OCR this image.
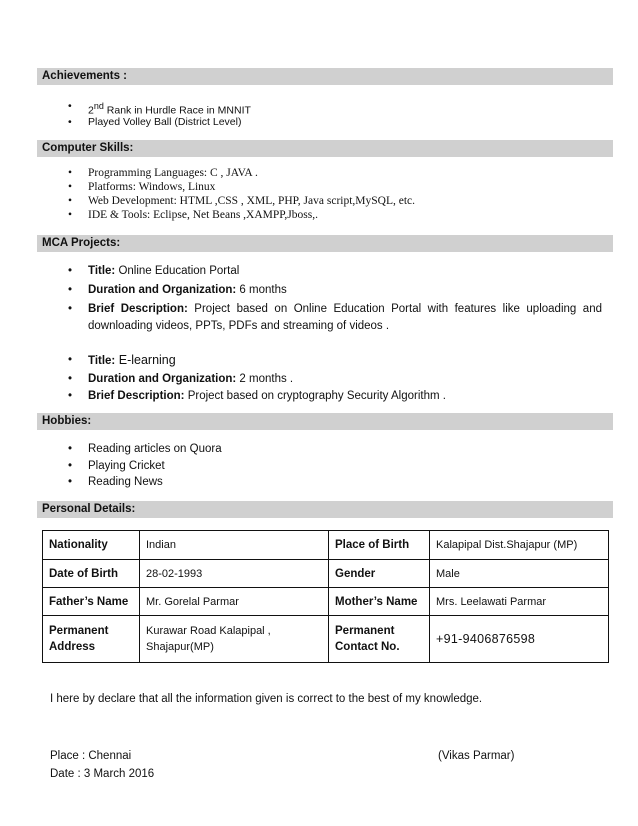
Achievements :
• 2nd Rank in Hurdle Race in MNNIT
• Played Volley Ball (District Level)
Computer Skills:
• Programming Languages: C , JAVA .
• Platforms: Windows, Linux
• Web Development: HTML ,CSS , XML, PHP, Java script,MySQL, etc.
• IDE & Tools: Eclipse, Net Beans ,XAMPP,Jboss,.
MCA Projects:
• Title: Online Education Portal
• Duration and Organization: 6 months
• Brief Description: Project based on Online Education Portal with features like uploading and downloading videos, PPTs, PDFs and streaming of videos .
• Title: E-learning
• Duration and Organization: 2 months .
• Brief Description: Project based on cryptography Security Algorithm .
Hobbies:
• Reading articles on Quora
• Playing Cricket
• Reading News
Personal Details:
Nationality	Indian	Place of Birth	Kalapipal Dist.Shajapur (MP)
Date of Birth	28-02-1993	Gender	Male
Father’s Name	Mr. Gorelal Parmar	Mother’s Name	Mrs. Leelawati Parmar
Permanent Address	Kurawar Road Kalapipal , Shajapur(MP)	Permanent Contact No.	+91-9406876598
I here by declare that all the information given is correct to the best of my knowledge.
Place : Chennai
Date : 3 March 2016
(Vikas Parmar)
